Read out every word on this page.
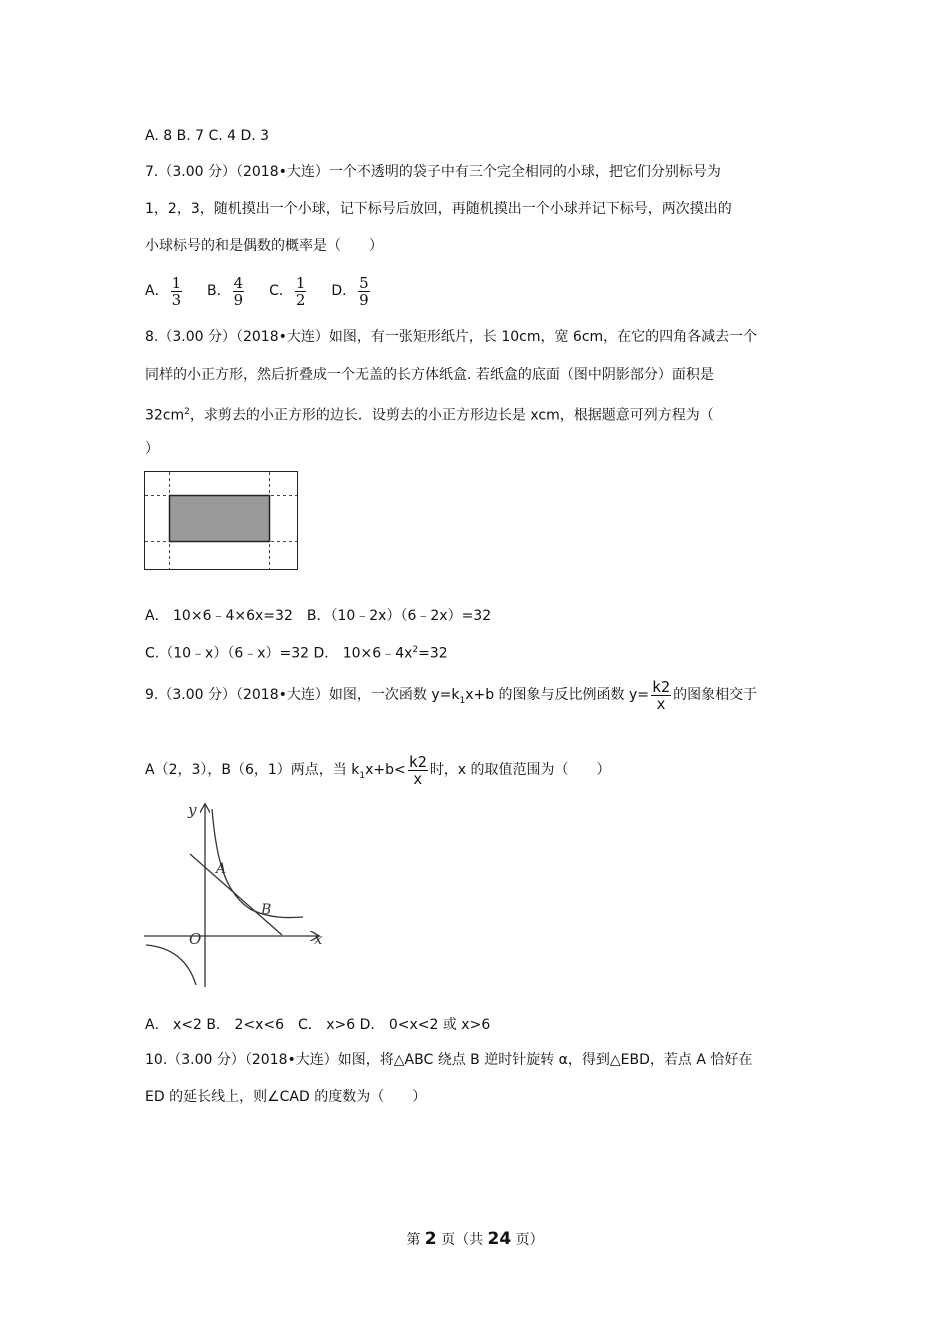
A. 8 B. 7 C. 4 D. 3
7.（3.00 分）（2018•大连）一个不透明的袋子中有三个完全相同的小球，把它们分别标号为
1，2，3，随机摸出一个小球，记下标号后放回，再随机摸出一个小球并记下标号，两次摸出的
小球标号的和是偶数的概率是（　　）
A． $\frac{1}{3}$ B． $\frac{4}{9}$ C． $\frac{1}{2}$ D． $\frac{5}{9}$
8.（3.00 分）（2018•大连）如图，有一张矩形纸片，长 10cm，宽 6cm，在它的四角各减去一个
同样的小正方形，然后折叠成一个无盖的长方体纸盒. 若纸盒的底面（图中阴影部分）面积是
$32cm^2$，求剪去的小正方形的边长．设剪去的小正方形边长是 xcm，根据题意可列方程为（
）
A． 10×6﹣4×6x=32　B．（10﹣2x）（6﹣2x）=32
C.（10﹣x）（6﹣x）=32 D． $10\times 6﹣4x^2=32$
9.（3.00 分）（2018•大连）如图，一次函数 $y=k_1x+b$ 的图象与反比例函数 $y= \frac{k2}{x}$ 的图象相交于
A（2，3），B（6，1）两点，当 $k_1x+b< \frac{k2}{x}$ 时，x 的取值范围为（　　）
y
x
O
A
B
A． x<2 B． 2<x<6　C． x>6 D． 0<x<2 或 x>6
10.（3.00 分）（2018•大连）如图，将△ABC 绕点 B 逆时针旋转 α，得到△EBD，若点 A 恰好在
ED 的延长线上，则∠CAD 的度数为（　　）
第 2 页（共 24 页）
